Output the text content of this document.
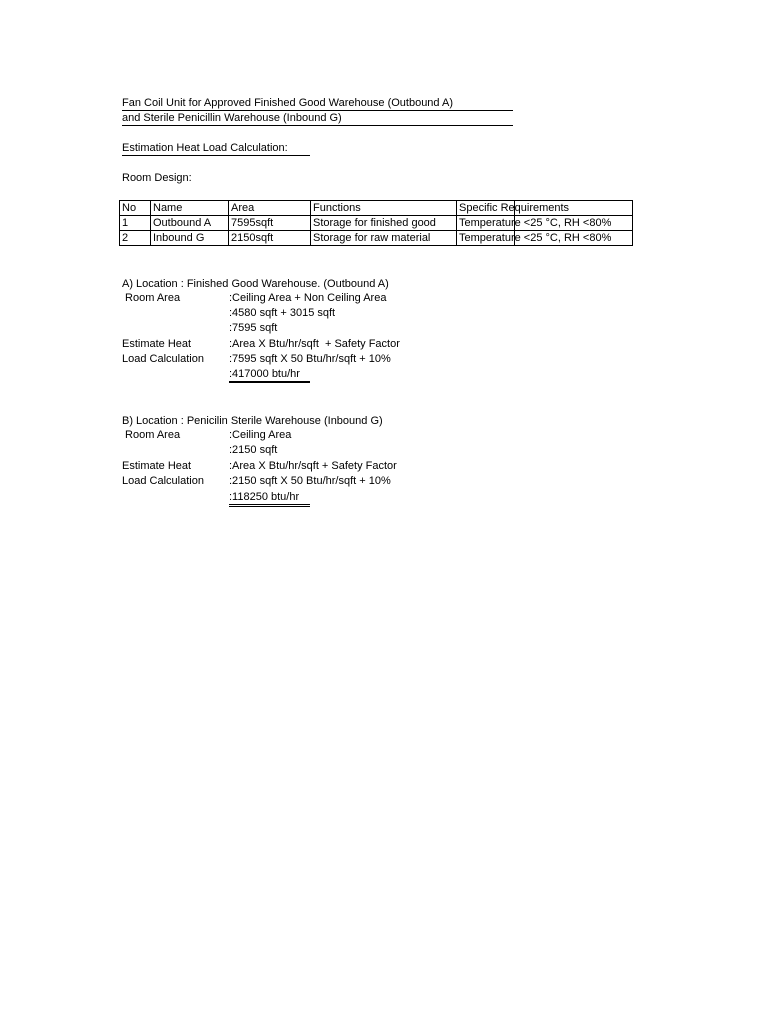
Fan Coil Unit for Approved Finished Good Warehouse (Outbound A)
and Sterile Penicillin Warehouse (Inbound G)
Estimation Heat Load Calculation:
Room Design:
No	Name	Area	Functions	Specific Requirements

1	Outbound A	7595sqft	Storage for finished good	Temperature <25 °C, RH <80%

2	Inbound G	2150sqft	Storage for raw material	Temperature <25 °C, RH <80%
A) Location : Finished Good Warehouse. (Outbound A)
Room Area	:Ceiling Area + Non Ceiling Area
:4580 sqft + 3015 sqft
:7595 sqft
Estimate Heat	:Area X Btu/hr/sqft  + Safety Factor
Load Calculation :7595 sqft X 50 Btu/hr/sqft + 10%
:417000 btu/hr
B) Location : Penicilin Sterile Warehouse (Inbound G)
Room Area	:Ceiling Area
:2150 sqft
Estimate Heat	:Area X Btu/hr/sqft + Safety Factor
Load Calculation :2150 sqft X 50 Btu/hr/sqft + 10%
:118250 btu/hr
